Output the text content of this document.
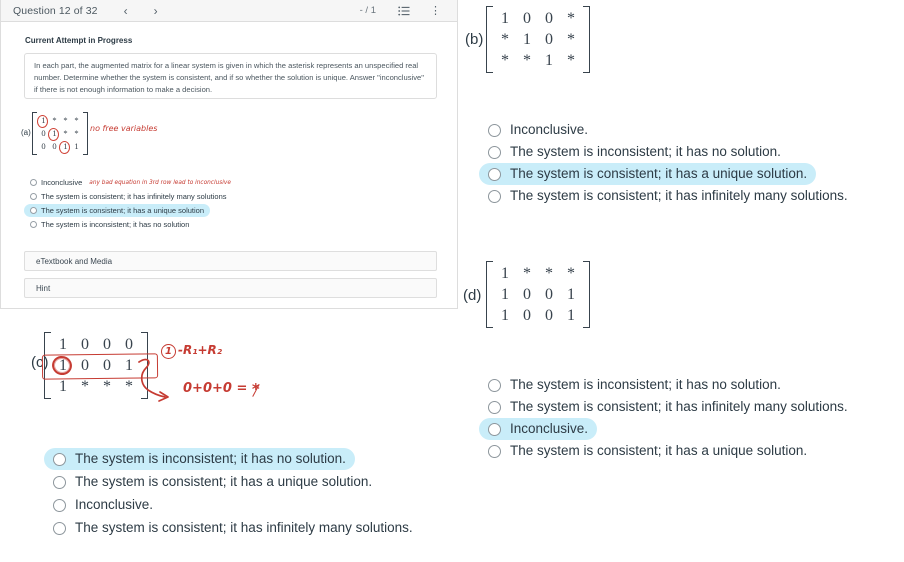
Question 12 of 32 ‹ ›	- / 1	⋮
Current Attempt in Progress
In each part, the augmented matrix for a linear system is given in which the asterisk represents an unspecified real number. Determine whether the system is consistent, and if so whether the solution is unique. Answer "inconclusive" if there is not enough information to make a decision.
(a)
1 * * *
0 1 * *
0 0 1 1
no free variables
Inconclusive any bad equation in 3rd row lead to inconclusive
The system is consistent; it has infinitely many solutions
The system is consistent; it has a unique solution
The system is inconsistent; it has no solution
eTextbook and Media
Hint
(b)
1 0 0 *
* 1 0 *
* * 1 *
Inconclusive.
The system is inconsistent; it has no solution.
The system is consistent; it has a unique solution.
The system is consistent; it has infinitely many solutions.
(c)
1 0 0 0
1 0 0 1
1 * * *
1 -R₁+R₂
0+0+0 = *
The system is inconsistent; it has no solution.
The system is consistent; it has a unique solution.
Inconclusive.
The system is consistent; it has infinitely many solutions.
(d)
1 * * *
1 0 0 1
1 0 0 1
The system is inconsistent; it has no solution.
The system is consistent; it has infinitely many solutions.
Inconclusive.
The system is consistent; it has a unique solution.
